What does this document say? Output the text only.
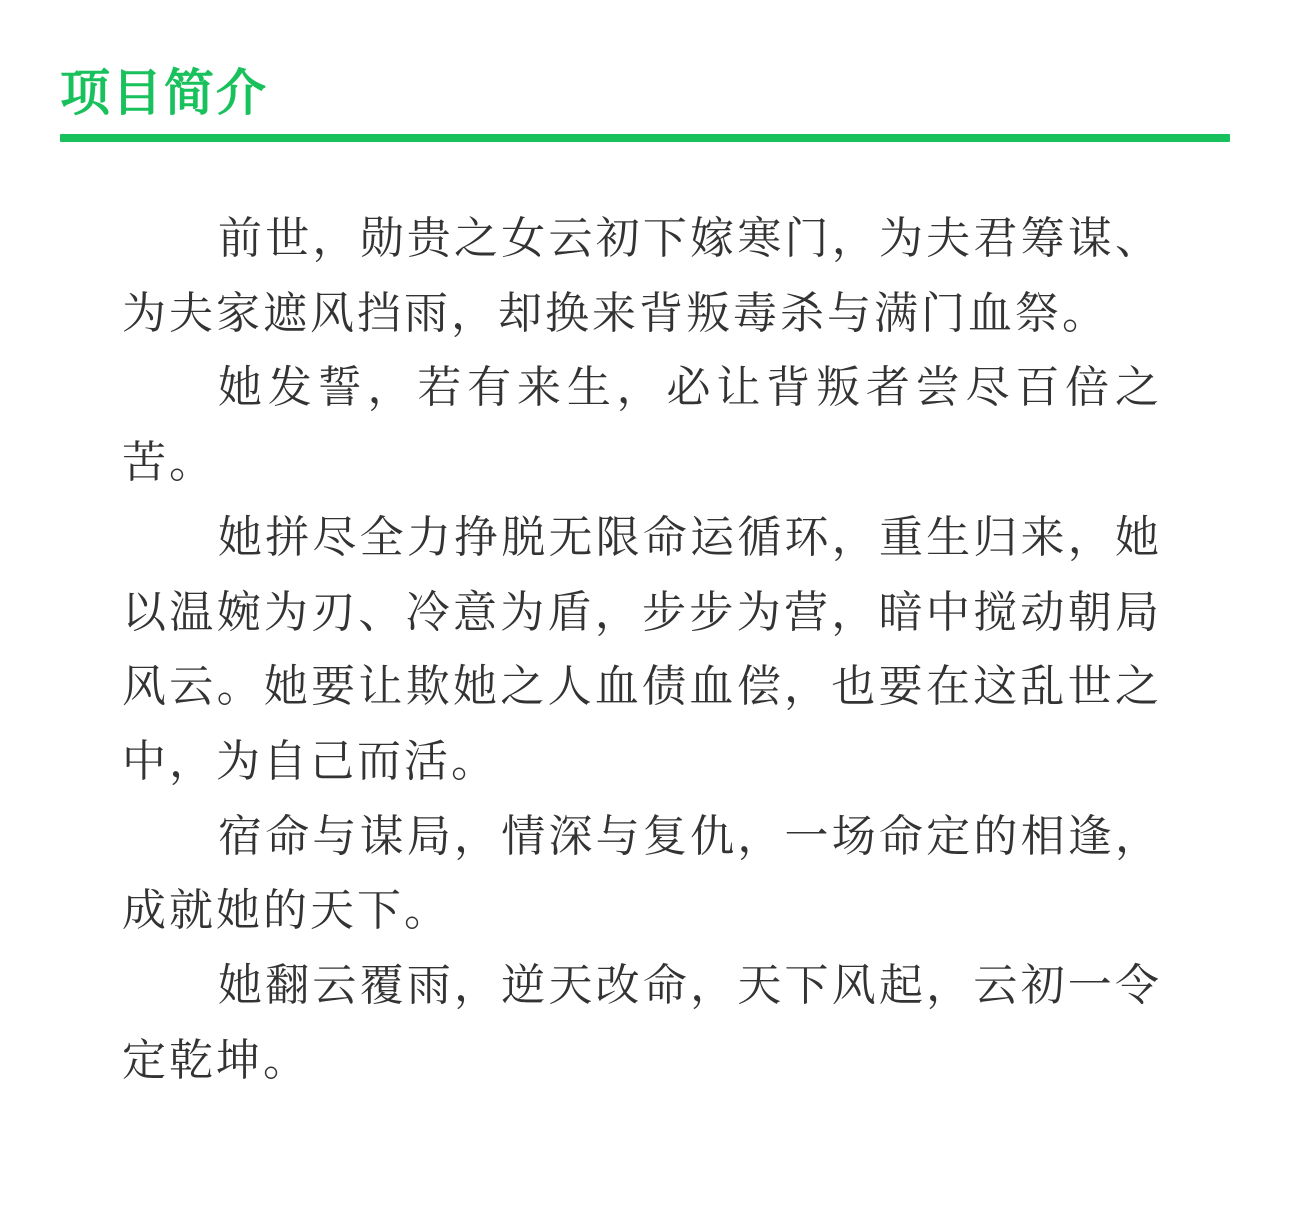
项目简介

前世，勋贵之女云初下嫁寒门，为夫君筹谋、为夫家遮风挡雨，却换来背叛毒杀与满门血祭。

她发誓，若有来生，必让背叛者尝尽百倍之苦。

她拼尽全力挣脱无限命运循环，重生归来，她以温婉为刃、冷意为盾，步步为营，暗中搅动朝局风云。她要让欺她之人血债血偿，也要在这乱世之中，为自己而活。

宿命与谋局，情深与复仇，一场命定的相逢，成就她的天下。

她翻云覆雨，逆天改命，天下风起，云初一令定乾坤。
